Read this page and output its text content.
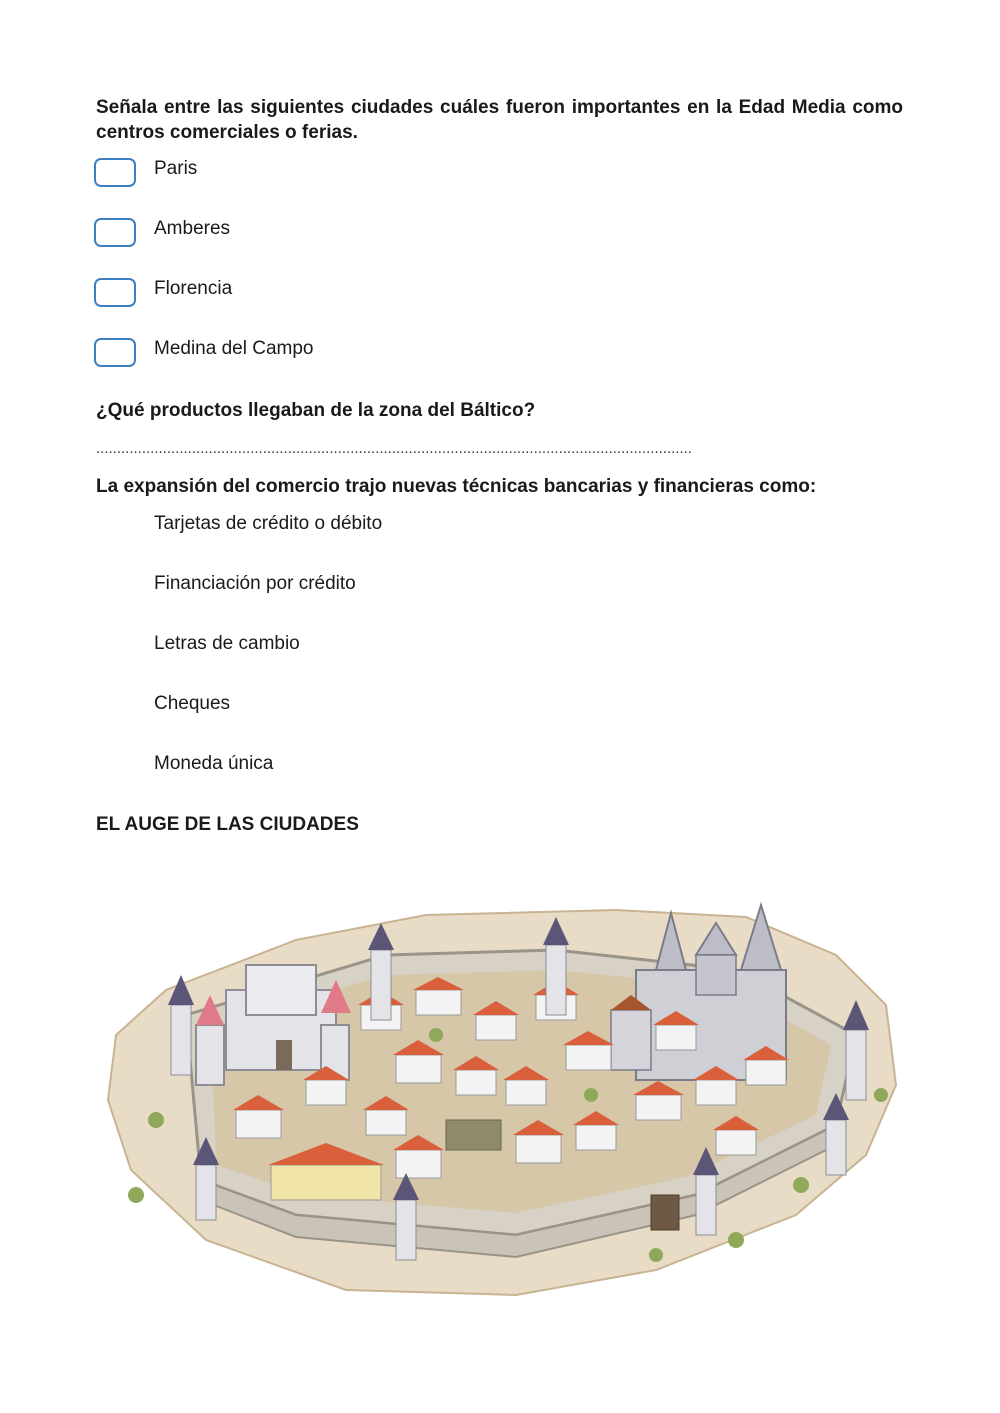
Señala entre las siguientes ciudades cuáles fueron importantes en la Edad Media como centros comerciales o ferias.
Paris
Amberes
Florencia
Medina del Campo
¿Qué productos llegaban de la zona del Báltico?
...............................................................................................................................................
La expansión del comercio trajo nuevas técnicas bancarias y financieras como:
Tarjetas de crédito o débito
Financiación por crédito
Letras de cambio
Cheques
Moneda única
EL AUGE DE LAS CIUDADES
